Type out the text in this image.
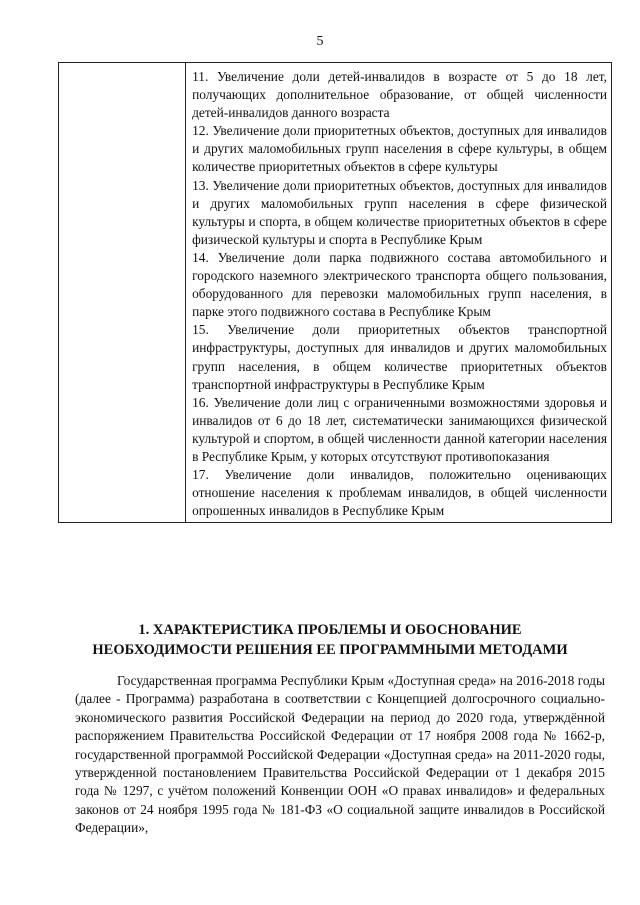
5

11. Увеличение доли детей-инвалидов в возрасте от 5 до 18 лет, получающих дополнительное образование, от общей численности детей-инвалидов данного возраста

12. Увеличение доли приоритетных объектов, доступных для инвалидов и других маломобильных групп населения в сфере культуры, в общем количестве приоритетных объектов в сфере культуры

13. Увеличение доли приоритетных объектов, доступных для инвалидов и других маломобильных групп населения в сфере физической культуры и спорта, в общем количестве приоритетных объектов в сфере физической культуры и спорта в Республике Крым

14. Увеличение доли парка подвижного состава автомобильного и городского наземного электрического транспорта общего пользования, оборудованного для перевозки маломобильных групп населения, в парке этого подвижного состава в Республике Крым

15. Увеличение доли приоритетных объектов транспортной инфраструктуры, доступных для инвалидов и других маломобильных групп населения, в общем количестве приоритетных объектов транспортной инфраструктуры в Республике Крым

16. Увеличение доли лиц с ограниченными возможностями здоровья и инвалидов от 6 до 18 лет, систематически занимающихся физической культурой и спортом, в общей численности данной категории населения в Республике Крым, у которых отсутствуют противопоказания

17. Увеличение доли инвалидов, положительно оценивающих отношение населения к проблемам инвалидов, в общей численности опрошенных инвалидов в Республике Крым

1. ХАРАКТЕРИСТИКА ПРОБЛЕМЫ И ОБОСНОВАНИЕ
НЕОБХОДИМОСТИ РЕШЕНИЯ ЕЕ ПРОГРАММНЫМИ МЕТОДАМИ

Государственная программа Республики Крым «Доступная среда» на 2016-2018 годы (далее - Программа) разработана в соответствии с Концепцией долгосрочного социально-экономического развития Российской Федерации на период до 2020 года, утверждённой распоряжением Правительства Российской Федерации от 17 ноября 2008 года № 1662-р, государственной программой Российской Федерации «Доступная среда» на 2011-2020 годы, утвержденной постановлением Правительства Российской Федерации от 1 декабря 2015 года № 1297, с учётом положений Конвенции ООН «О правах инвалидов» и федеральных законов от 24 ноября 1995 года № 181-ФЗ «О социальной защите инвалидов в Российской Федерации»,
